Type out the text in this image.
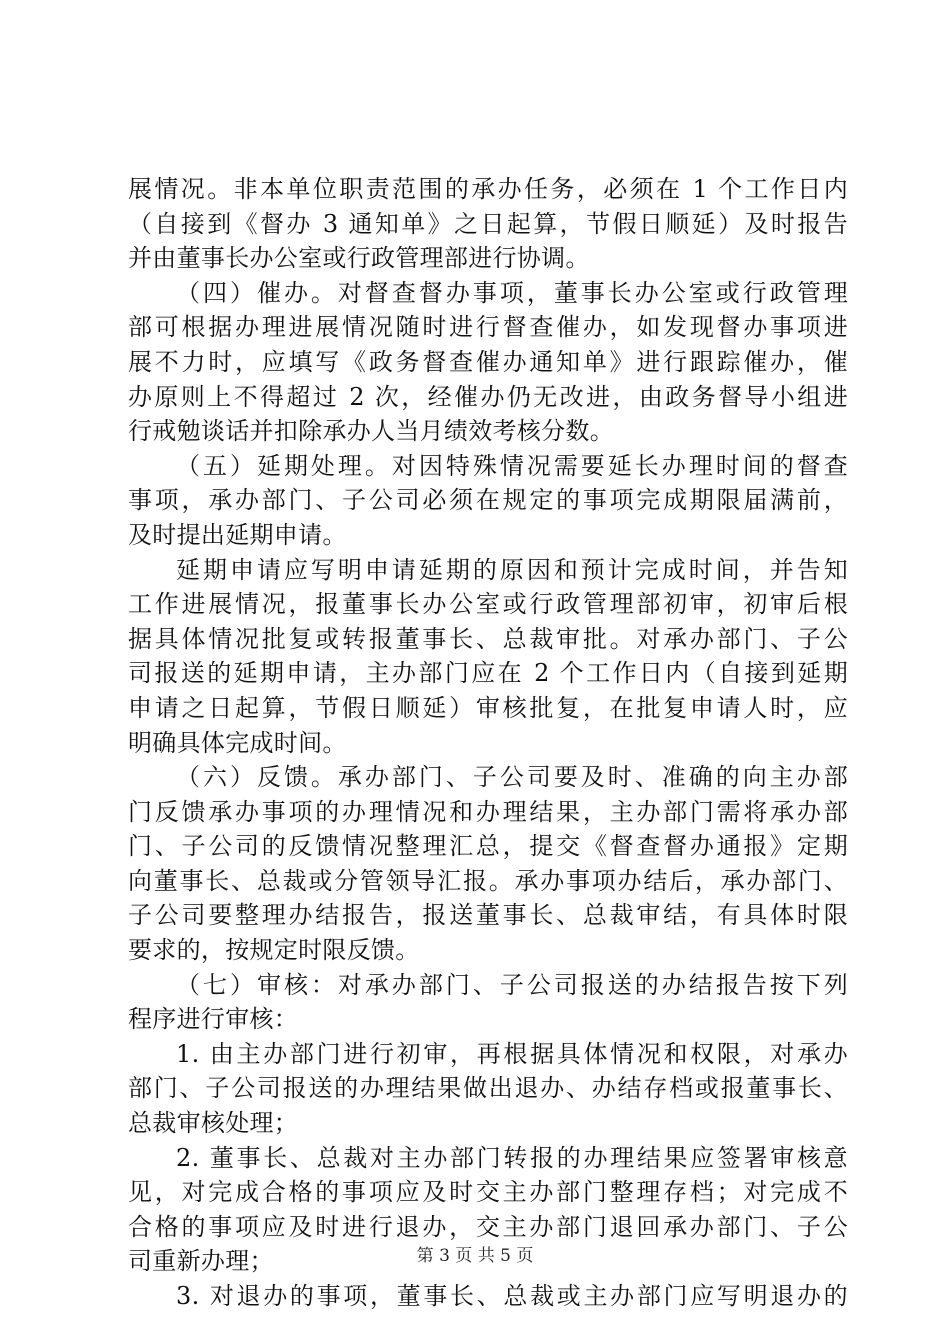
展情况。非本单位职责范围的承办任务，必须在 1 个工作日内
（自接到《督办 3 通知单》之日起算，节假日顺延）及时报告
并由董事长办公室或行政管理部进行协调。
（四）催办。对督查督办事项，董事长办公室或行政管理
部可根据办理进展情况随时进行督查催办，如发现督办事项进
展不力时，应填写《政务督查催办通知单》进行跟踪催办，催
办原则上不得超过 2 次，经催办仍无改进，由政务督导小组进
行戒勉谈话并扣除承办人当月绩效考核分数。
（五）延期处理。对因特殊情况需要延长办理时间的督查
事项，承办部门、子公司必须在规定的事项完成期限届满前，
及时提出延期申请。
延期申请应写明申请延期的原因和预计完成时间，并告知
工作进展情况，报董事长办公室或行政管理部初审，初审后根
据具体情况批复或转报董事长、总裁审批。对承办部门、子公
司报送的延期申请，主办部门应在 2 个工作日内（自接到延期
申请之日起算，节假日顺延）审核批复，在批复申请人时，应
明确具体完成时间。
（六）反馈。承办部门、子公司要及时、准确的向主办部
门反馈承办事项的办理情况和办理结果，主办部门需将承办部
门、子公司的反馈情况整理汇总，提交《督查督办通报》定期
向董事长、总裁或分管领导汇报。承办事项办结后，承办部门、
子公司要整理办结报告，报送董事长、总裁审结，有具体时限
要求的，按规定时限反馈。
（七）审核：对承办部门、子公司报送的办结报告按下列
程序进行审核：
1. 由主办部门进行初审，再根据具体情况和权限，对承办
部门、子公司报送的办理结果做出退办、办结存档或报董事长、
总裁审核处理；
2. 董事长、总裁对主办部门转报的办理结果应签署审核意
见，对完成合格的事项应及时交主办部门整理存档；对完成不
合格的事项应及时进行退办，交主办部门退回承办部门、子公
司重新办理；
3. 对退办的事项，董事长、总裁或主办部门应写明退办的
第 3 页 共 5 页
